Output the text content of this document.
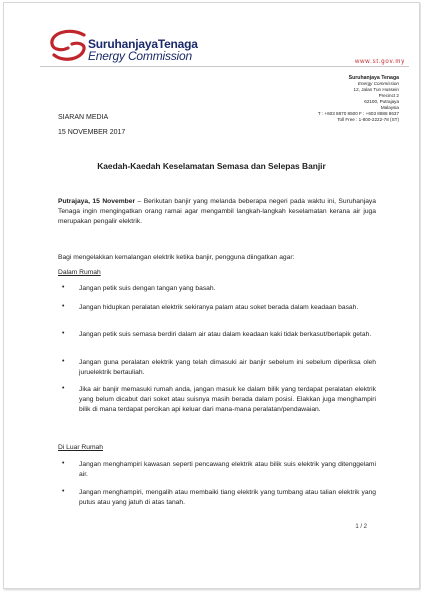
SuruhanjayaTenaga
Energy Commission	www.st.gov.my
Suruhanjaya Tenaga
Energy Commission
12, Jalan Tun Hussein
Precinct 2
62100, Putrajaya
Malaysia
T : +603 8870 8500 F : +603 8888 8637
Toll Free : 1-800-2222-78 (ST)
SIARAN MEDIA
15 NOVEMBER 2017
Kaedah-Kaedah Keselamatan Semasa dan Selepas Banjir
Putrajaya, 15 November – Berikutan banjir yang melanda beberapa negeri pada waktu ini, Suruhanjaya Tenaga ingin mengingatkan orang ramai agar mengambil langkah-langkah keselamatan kerana air juga merupakan pengalir elektrik.
Bagi mengelakkan kemalangan elektrik ketika banjir, pengguna diingatkan agar:
Dalam Rumah
• Jangan petik suis dengan tangan yang basah.
• Jangan hidupkan peralatan elektrik sekiranya palam atau soket berada dalam keadaan basah.
• Jangan petik suis semasa berdiri dalam air atau dalam keadaan kaki tidak berkasut/berlapik getah.
• Jangan guna peralatan elektrik yang telah dimasuki air banjir sebelum ini sebelum diperiksa oleh juruelektrik bertauliah.
• Jika air banjir memasuki rumah anda, jangan masuk ke dalam bilik yang terdapat peralatan elektrik yang belum dicabut dari soket atau suisnya masih berada dalam posisi. Elakkan juga menghampiri bilik di mana terdapat percikan api keluar dari mana-mana peralatan/pendawaian.
Di Luar Rumah
• Jangan menghampiri kawasan seperti pencawang elektrik atau bilik suis elektrik yang ditenggelami air.
• Jangan menghampiri, mengalih atau membaiki tiang elektrik yang tumbang atau talian elektrik yang putus atau yang jatuh di atas tanah.
1 / 2
